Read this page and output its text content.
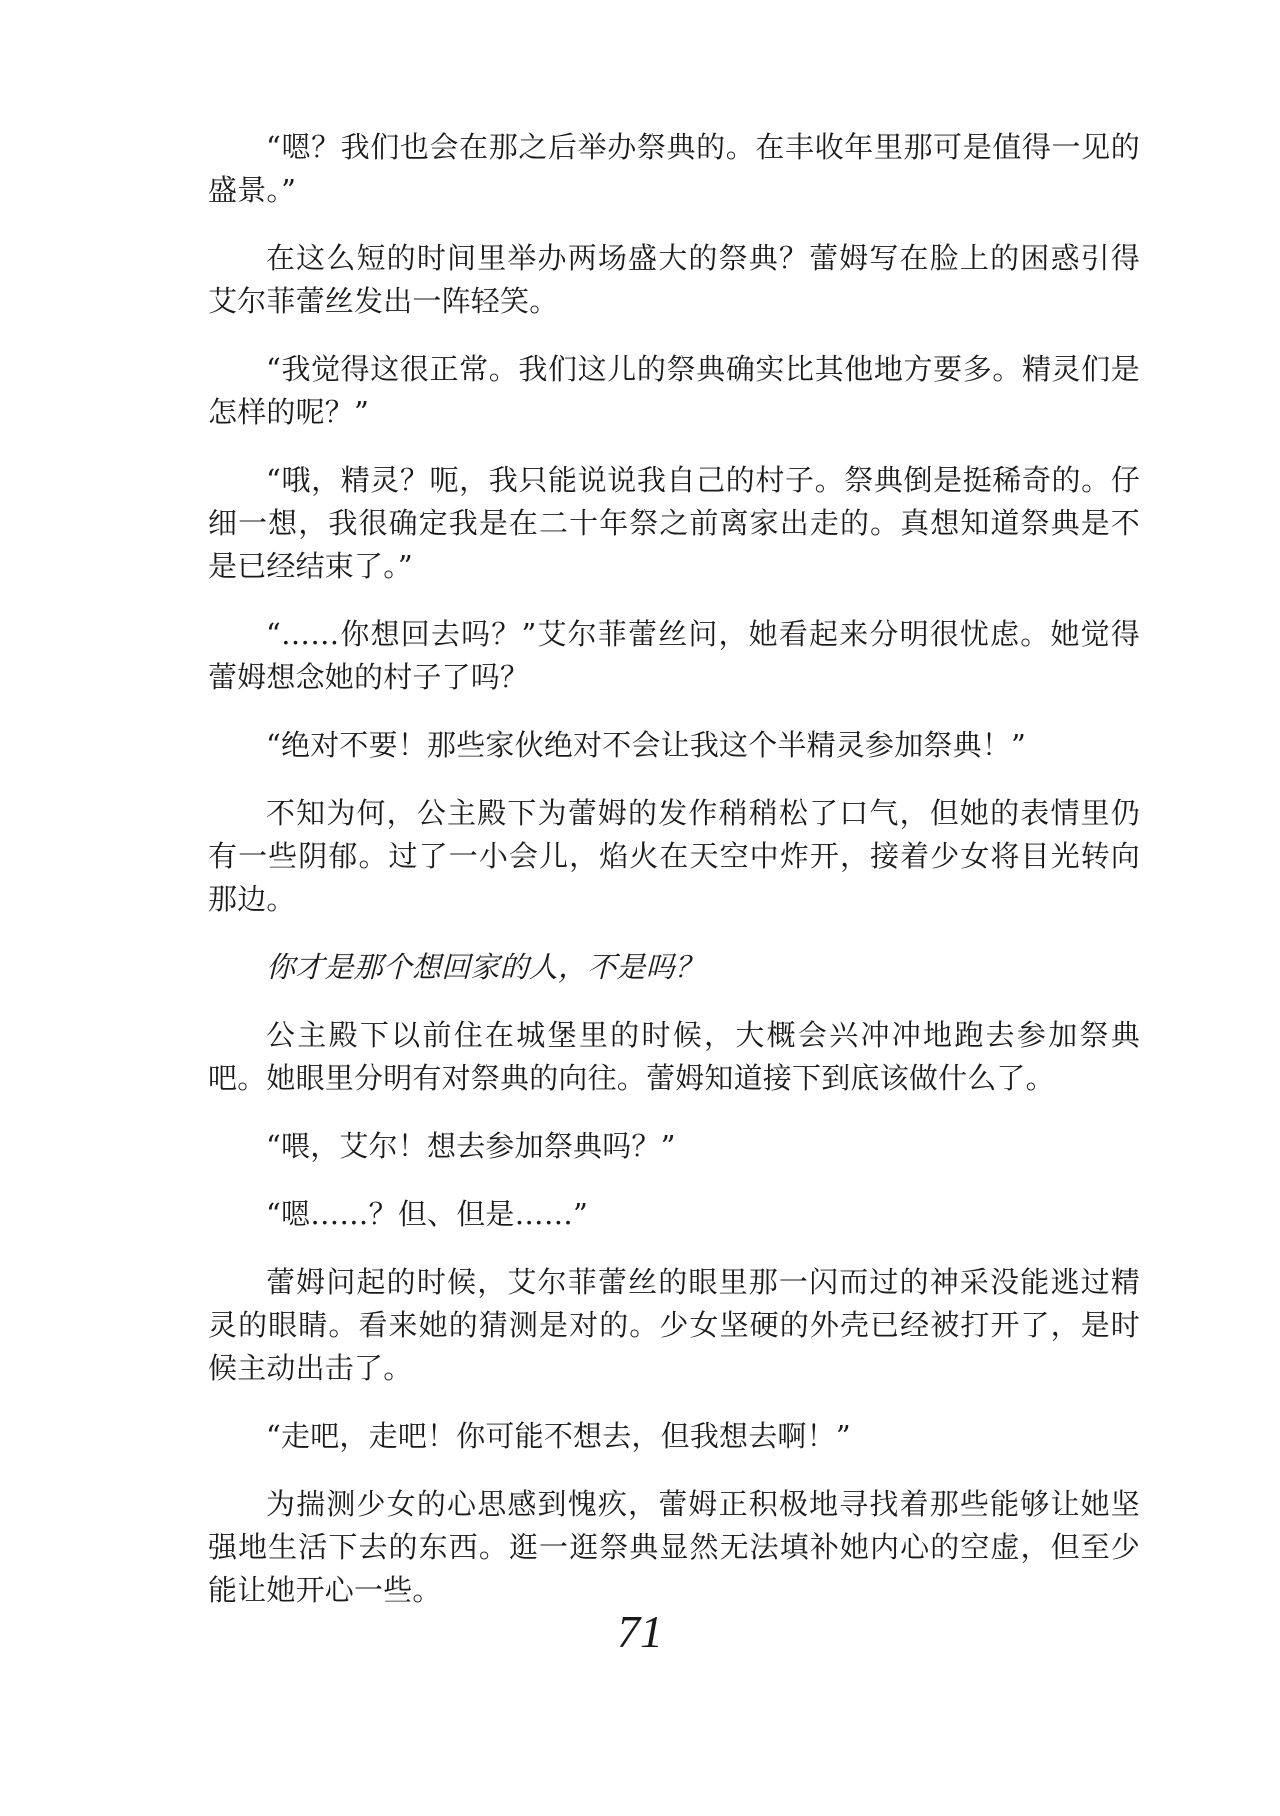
“嗯？我们也会在那之后举办祭典的。在丰收年里那可是值得一见的盛景。”

在这么短的时间里举办两场盛大的祭典？蕾姆写在脸上的困惑引得艾尔菲蕾丝发出一阵轻笑。

“我觉得这很正常。我们这儿的祭典确实比其他地方要多。精灵们是怎样的呢？”

“哦，精灵？呃，我只能说说我自己的村子。祭典倒是挺稀奇的。仔细一想，我很确定我是在二十年祭之前离家出走的。真想知道祭典是不是已经结束了。”

“……你想回去吗？”艾尔菲蕾丝问，她看起来分明很忧虑。她觉得蕾姆想念她的村子了吗？

“绝对不要！那些家伙绝对不会让我这个半精灵参加祭典！”

不知为何，公主殿下为蕾姆的发作稍稍松了口气，但她的表情里仍有一些阴郁。过了一小会儿，焰火在天空中炸开，接着少女将目光转向那边。

你才是那个想回家的人，不是吗？

公主殿下以前住在城堡里的时候，大概会兴冲冲地跑去参加祭典吧。她眼里分明有对祭典的向往。蕾姆知道接下到底该做什么了。

“喂，艾尔！想去参加祭典吗？”

“嗯……？但、但是……”

蕾姆问起的时候，艾尔菲蕾丝的眼里那一闪而过的神采没能逃过精灵的眼睛。看来她的猜测是对的。少女坚硬的外壳已经被打开了，是时候主动出击了。

“走吧，走吧！你可能不想去，但我想去啊！”

为揣测少女的心思感到愧疚，蕾姆正积极地寻找着那些能够让她坚强地生活下去的东西。逛一逛祭典显然无法填补她内心的空虚，但至少能让她开心一些。

71
